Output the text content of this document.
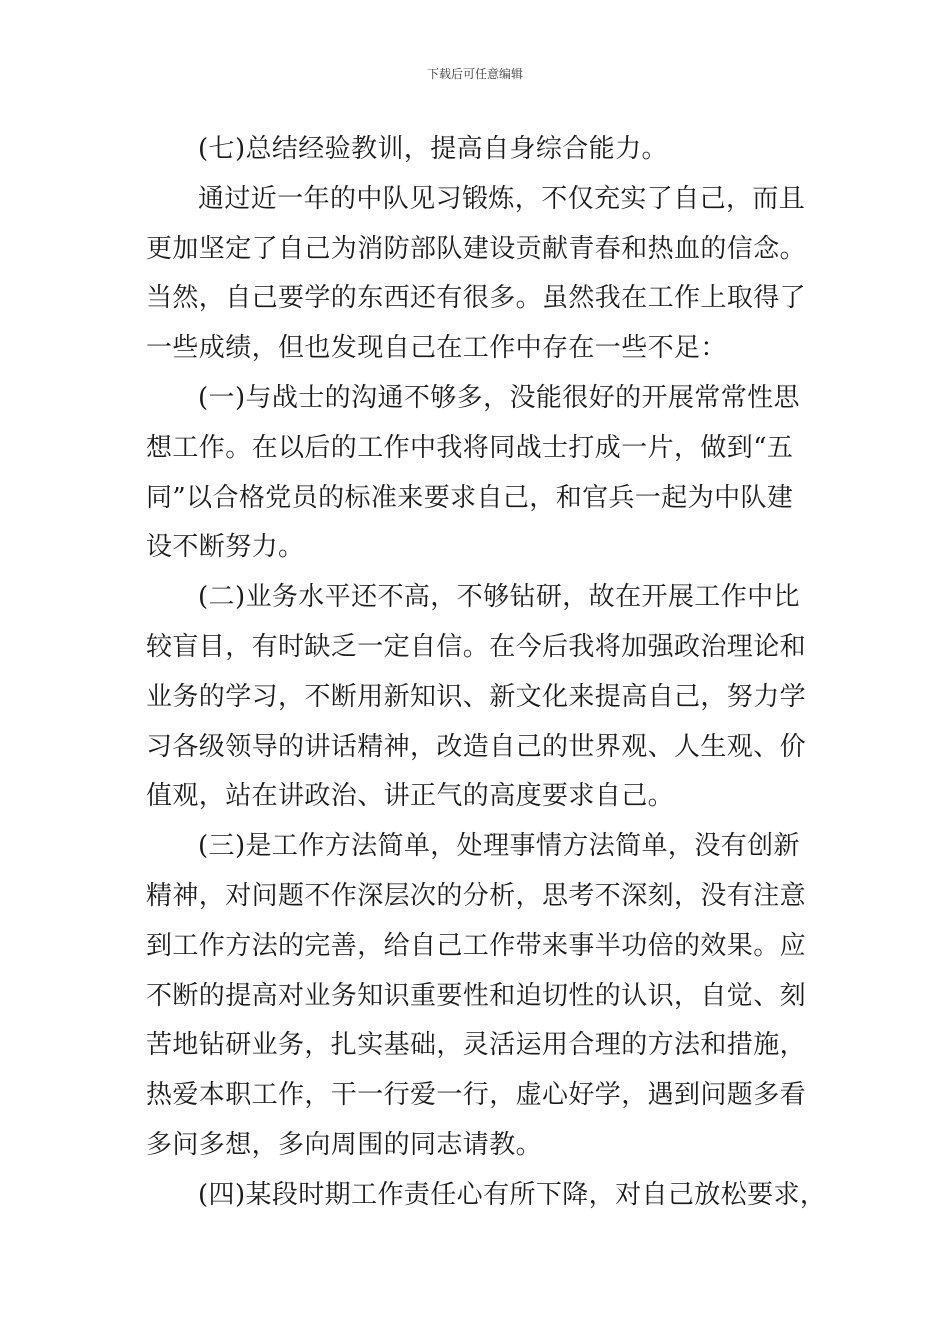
下载后可任意编辑

(七)总结经验教训，提高自身综合能力。

通过近一年的中队见习锻炼，不仅充实了自己，而且

更加坚定了自己为消防部队建设贡献青春和热血的信念。

当然，自己要学的东西还有很多。虽然我在工作上取得了

一些成绩，但也发现自己在工作中存在一些不足：

(一)与战士的沟通不够多，没能很好的开展常常性思

想工作。在以后的工作中我将同战士打成一片，做到“五

同”以合格党员的标准来要求自己，和官兵一起为中队建

设不断努力。

(二)业务水平还不高，不够钻研，故在开展工作中比

较盲目，有时缺乏一定自信。在今后我将加强政治理论和

业务的学习，不断用新知识、新文化来提高自己，努力学

习各级领导的讲话精神，改造自己的世界观、人生观、价

值观，站在讲政治、讲正气的高度要求自己。

(三)是工作方法简单，处理事情方法简单，没有创新

精神，对问题不作深层次的分析，思考不深刻，没有注意

到工作方法的完善，给自己工作带来事半功倍的效果。应

不断的提高对业务知识重要性和迫切性的认识，自觉、刻

苦地钻研业务，扎实基础，灵活运用合理的方法和措施，

热爱本职工作，干一行爱一行，虚心好学，遇到问题多看

多问多想，多向周围的同志请教。

(四)某段时期工作责任心有所下降，对自己放松要求，
